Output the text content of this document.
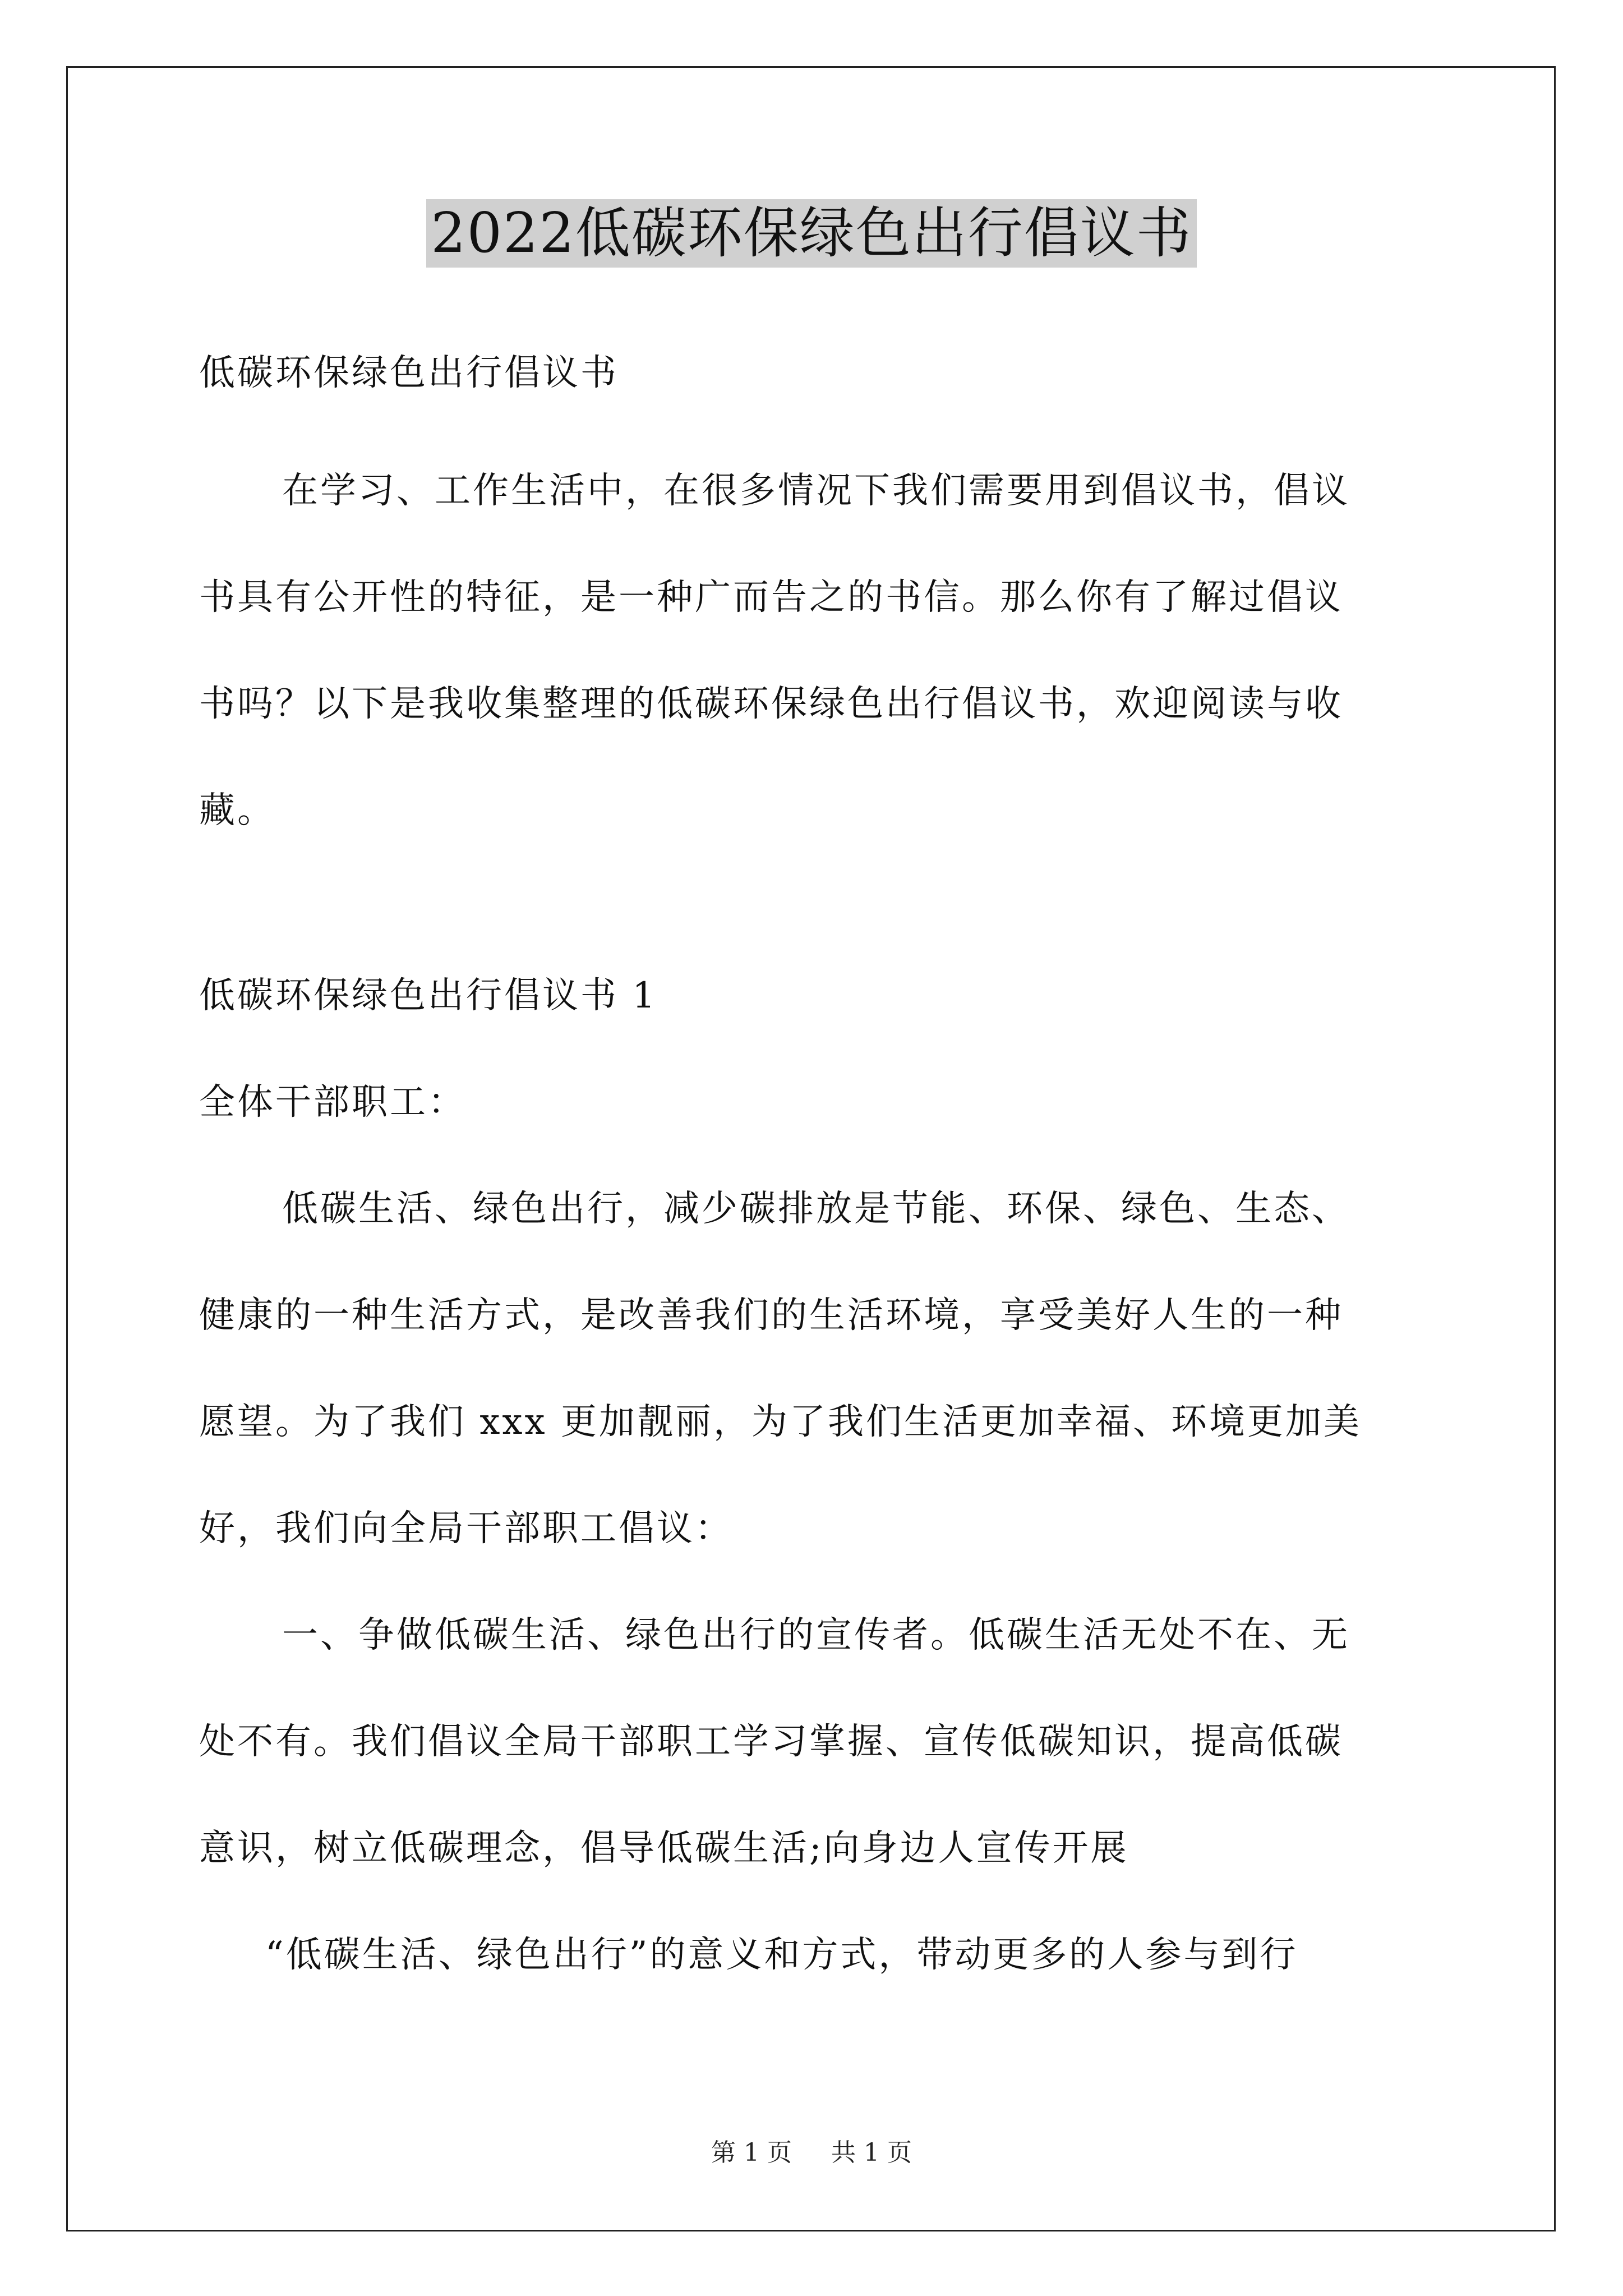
2022低碳环保绿色出行倡议书
低碳环保绿色出行倡议书
在学习、工作生活中，在很多情况下我们需要用到倡议书，倡议
书具有公开性的特征，是一种广而告之的书信。那么你有了解过倡议
书吗？以下是我收集整理的低碳环保绿色出行倡议书，欢迎阅读与收
藏。
低碳环保绿色出行倡议书 1
全体干部职工：
低碳生活、绿色出行，减少碳排放是节能、环保、绿色、生态、
健康的一种生活方式，是改善我们的生活环境，享受美好人生的一种
愿望。为了我们 xxx 更加靓丽，为了我们生活更加幸福、环境更加美
好，我们向全局干部职工倡议：
一、争做低碳生活、绿色出行的宣传者。低碳生活无处不在、无
处不有。我们倡议全局干部职工学习掌握、宣传低碳知识，提高低碳
意识，树立低碳理念，倡导低碳生活;向身边人宣传开展
“低碳生活、绿色出行”的意义和方式，带动更多的人参与到行
第 1 页 共 1 页
